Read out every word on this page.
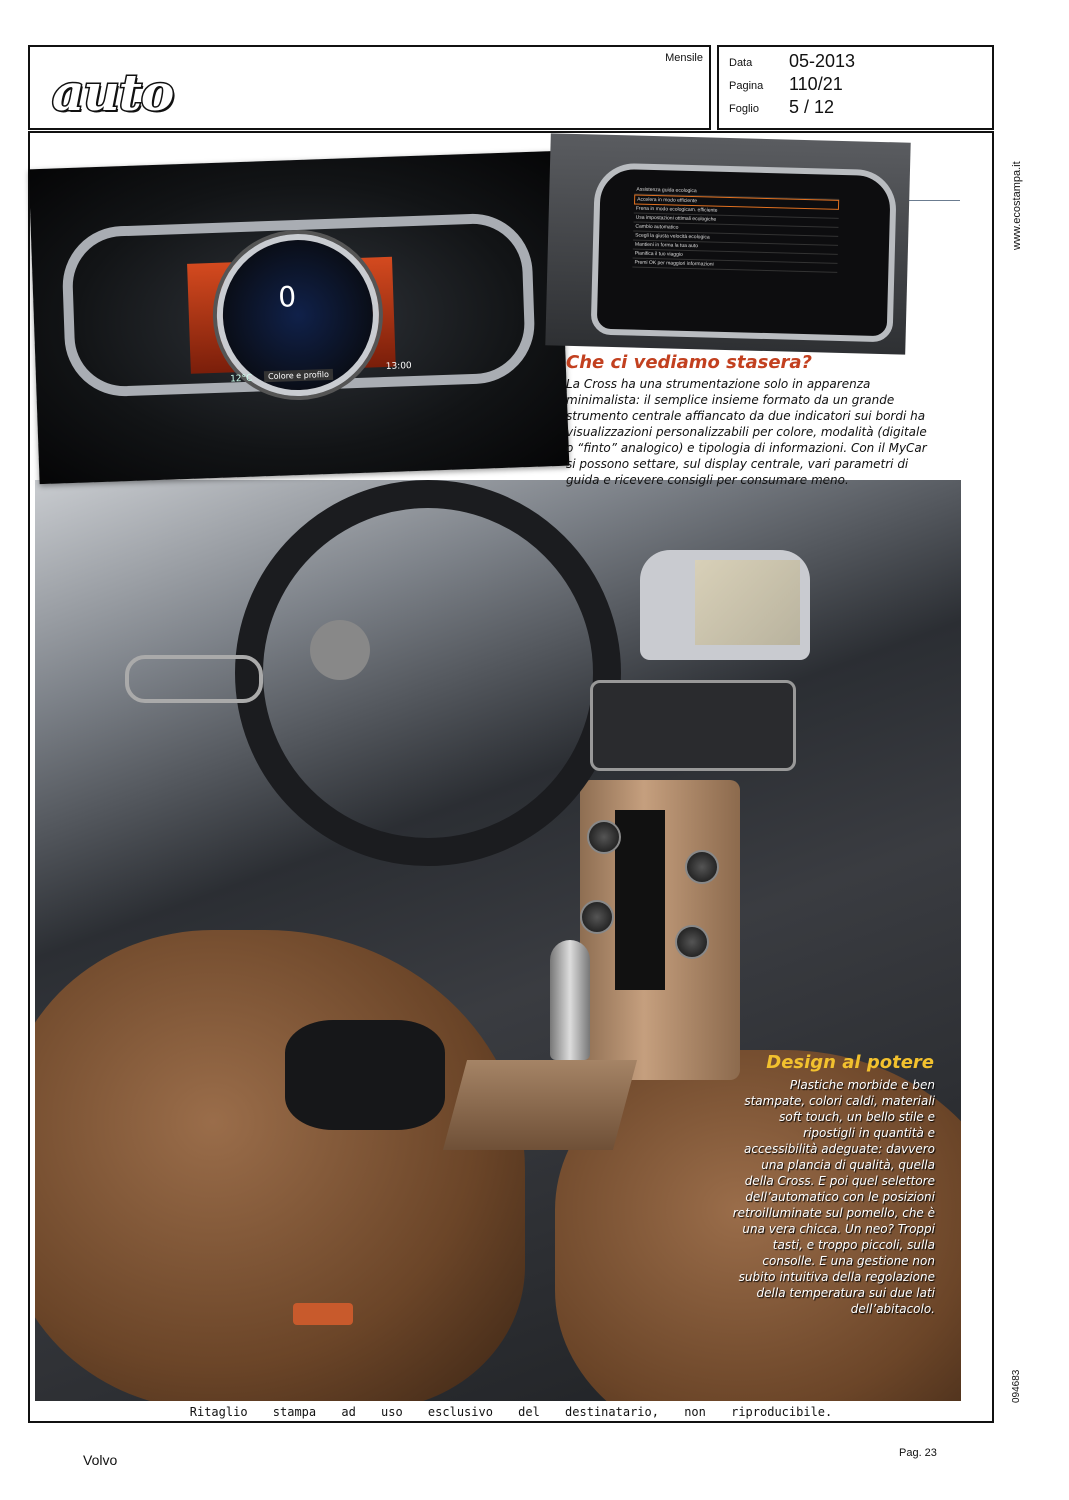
auto
Mensile Data 05-2013
Pagina 110/21
Foglio 5 / 12
0
Colore e profilo
13:00
12°C
Assistenza guida ecologica
Accelera in modo efficiente
Frena in modo ecologicam. efficiente
Usa impostazioni ottimali ecologiche
Cambio automatico
Scegli la giusta velocità ecologica
Mantieni in forma la tua auto
Pianifica il tuo viaggio
Premi OK per maggiori informazioni
Che ci vediamo stasera?
La Cross ha una strumentazione solo in apparenza minimalista: il semplice insieme formato da un grande strumento centrale affiancato da due indicatori sui bordi ha visualizzazioni personalizzabili per colore, modalità (digitale o “finto” analogico) e tipologia di informazioni. Con il MyCar si possono settare, sul display centrale, vari parametri di guida e ricevere consigli per consumare meno.
Design al potere
Plastiche morbide e ben stampate, colori caldi, materiali soft touch, un bello stile e ripostigli in quantità e accessibilità adeguate: davvero una plancia di qualità, quella della Cross. E poi quel selettore dell’automatico con le posizioni retroilluminate sul pomello, che è una vera chicca. Un neo? Troppi tasti, e troppo piccoli, sulla consolle. E una gestione non subito intuitiva della regolazione della temperatura sui due lati dell’abitacolo.
www.ecostampa.it
094683
Ritaglio stampa ad uso esclusivo del destinatario, non riproducibile.
Volvo	Pag. 23
